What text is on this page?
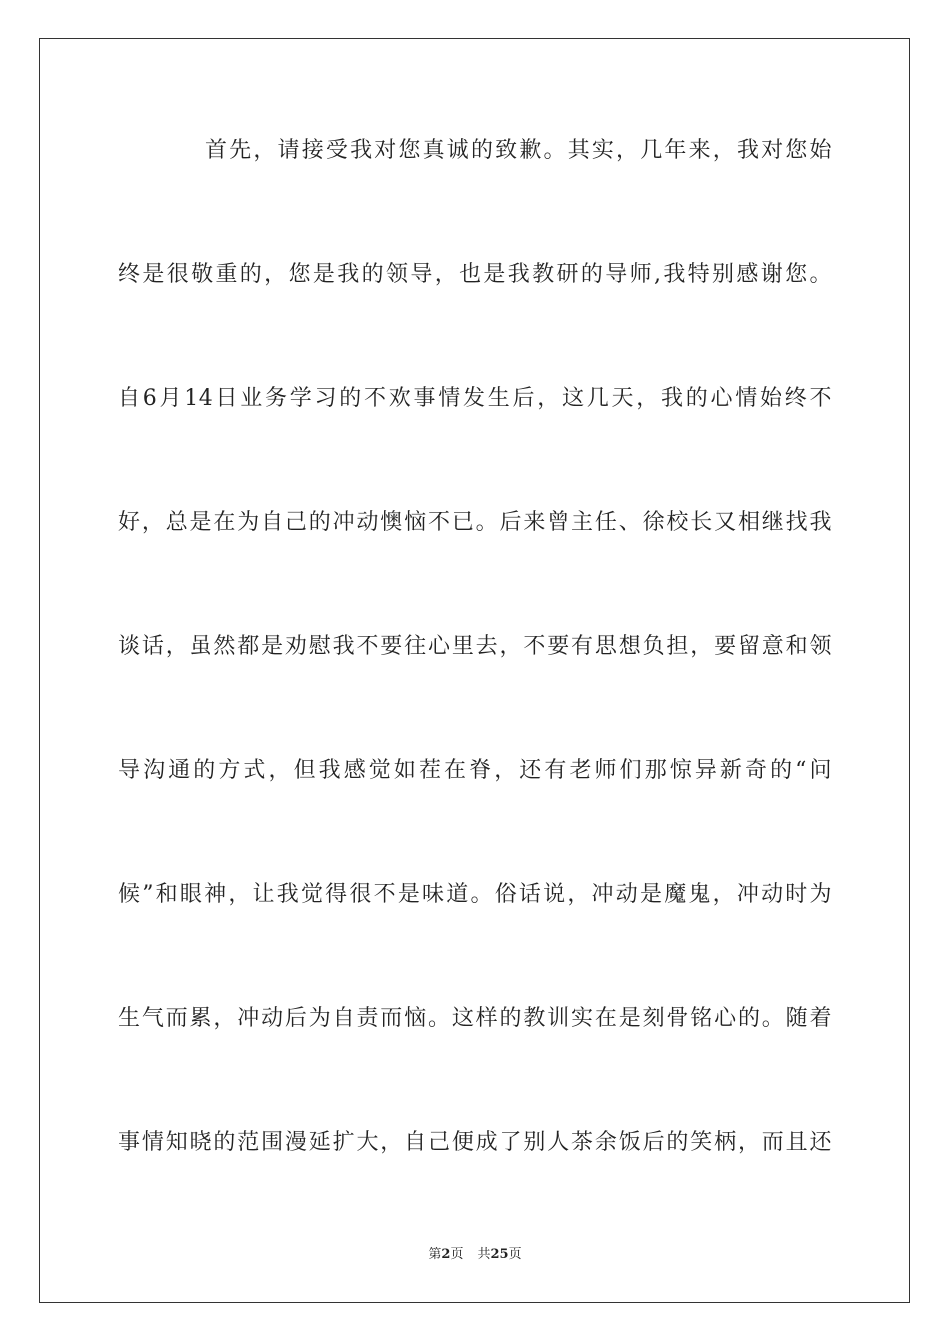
首先，请接受我对您真诚的致歉。其实，几年来，我对您始
终是很敬重的，您是我的领导，也是我教研的导师,我特别感谢您。
自6月14日业务学习的不欢事情发生后，这几天，我的心情始终不
好，总是在为自己的冲动懊恼不已。后来曾主任、徐校长又相继找我
谈话，虽然都是劝慰我不要往心里去，不要有思想负担，要留意和领
导沟通的方式，但我感觉如茬在脊，还有老师们那惊异新奇的“问
候”和眼神，让我觉得很不是味道。俗话说，冲动是魔鬼，冲动时为
生气而累，冲动后为自责而恼。这样的教训实在是刻骨铭心的。随着
事情知晓的范围漫延扩大，自己便成了别人茶余饭后的笑柄，而且还
第2页 共25页
